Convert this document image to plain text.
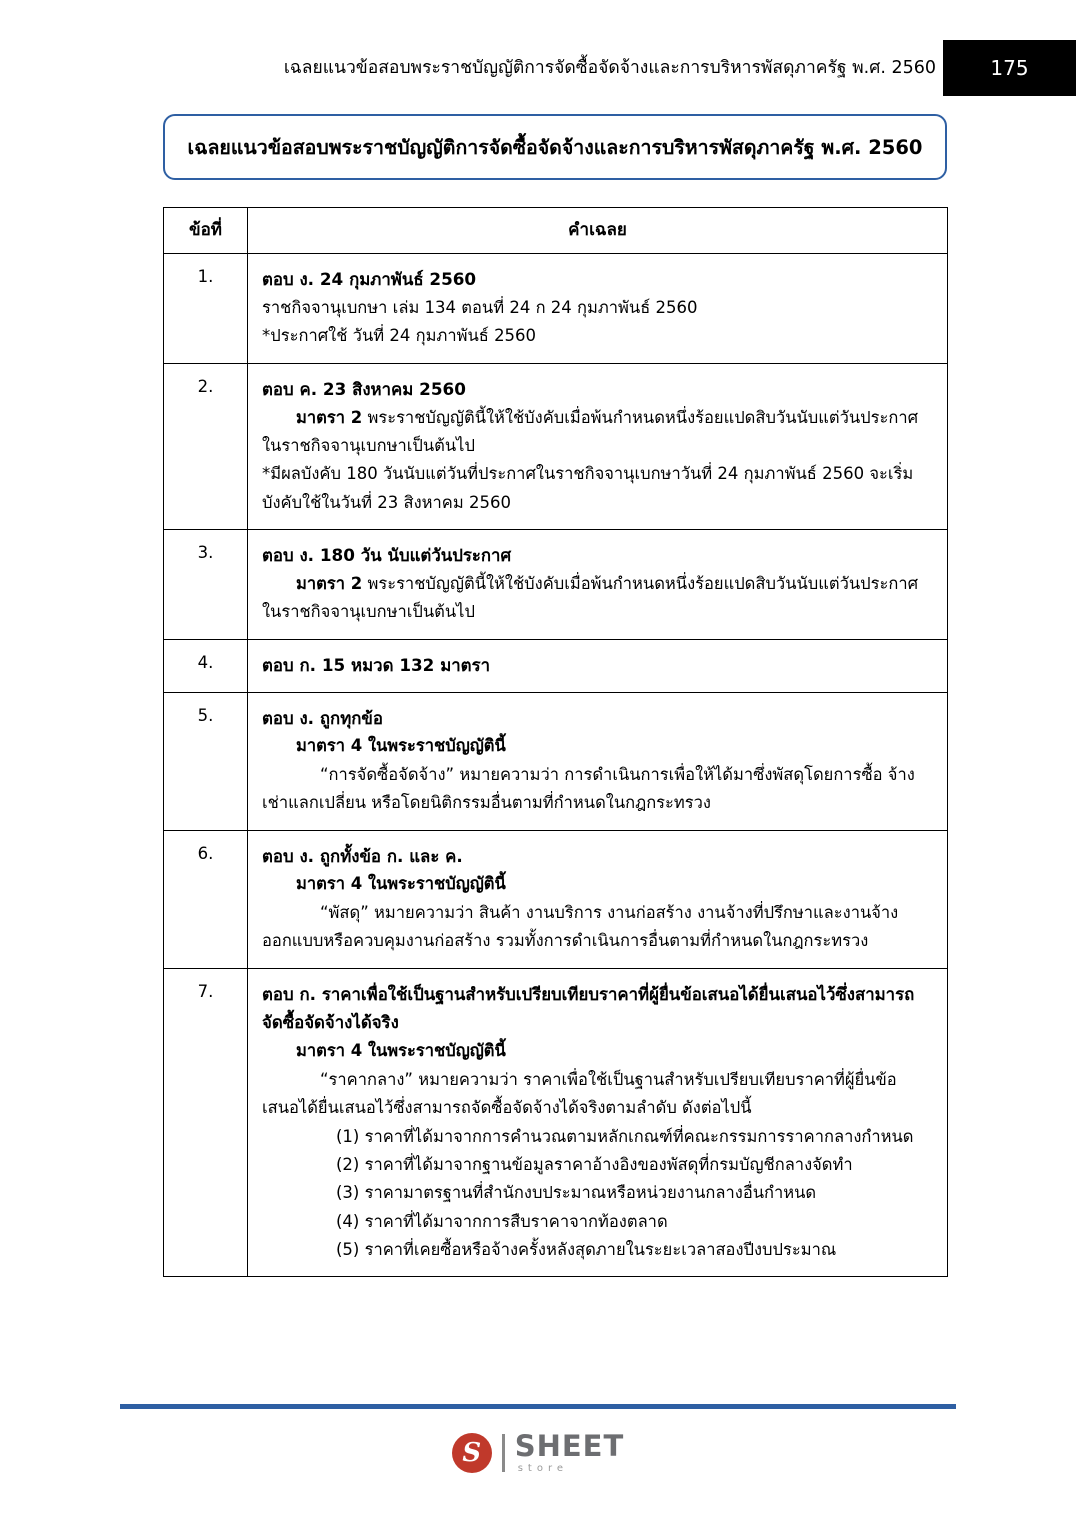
เฉลยแนวข้อสอบพระราชบัญญัติการจัดซื้อจัดจ้างและการบริหารพัสดุภาครัฐ พ.ศ. 2560	175
เฉลยแนวข้อสอบพระราชบัญญัติการจัดซื้อจัดจ้างและการบริหารพัสดุภาครัฐ พ.ศ. 2560
ข้อที่	คำเฉลย
1.	ตอบ ง. 24 กุมภาพันธ์ 2560

ราชกิจจานุเบกษา เล่ม 134 ตอนที่ 24 ก 24 กุมภาพันธ์ 2560

*ประกาศใช้ วันที่ 24 กุมภาพันธ์ 2560

2.	ตอบ ค. 23 สิงหาคม 2560

มาตรา 2 พระราชบัญญัตินี้ให้ใช้บังคับเมื่อพ้นกำหนดหนึ่งร้อยแปดสิบวันนับแต่วันประกาศในราชกิจจานุเบกษาเป็นต้นไป

*มีผลบังคับ 180 วันนับแต่วันที่ประกาศในราชกิจจานุเบกษาวันที่ 24 กุมภาพันธ์ 2560 จะเริ่มบังคับใช้ในวันที่ 23 สิงหาคม 2560

3.	ตอบ ง. 180 วัน นับแต่วันประกาศ

มาตรา 2 พระราชบัญญัตินี้ให้ใช้บังคับเมื่อพ้นกำหนดหนึ่งร้อยแปดสิบวันนับแต่วันประกาศในราชกิจจานุเบกษาเป็นต้นไป

4.	ตอบ ก. 15 หมวด 132 มาตรา

5.	ตอบ ง. ถูกทุกข้อ

มาตรา 4 ในพระราชบัญญัตินี้

“การจัดซื้อจัดจ้าง” หมายความว่า การดำเนินการเพื่อให้ได้มาซึ่งพัสดุโดยการซื้อ จ้าง เช่าแลกเปลี่ยน หรือโดยนิติกรรมอื่นตามที่กำหนดในกฎกระทรวง

6.	ตอบ ง. ถูกทั้งข้อ ก. และ ค.

มาตรา 4 ในพระราชบัญญัตินี้

“พัสดุ” หมายความว่า สินค้า งานบริการ งานก่อสร้าง งานจ้างที่ปรึกษาและงานจ้างออกแบบหรือควบคุมงานก่อสร้าง รวมทั้งการดำเนินการอื่นตามที่กำหนดในกฎกระทรวง

7.	ตอบ ก. ราคาเพื่อใช้เป็นฐานสำหรับเปรียบเทียบราคาที่ผู้ยื่นข้อเสนอได้ยื่นเสนอไว้ซึ่งสามารถจัดซื้อจัดจ้างได้จริง

มาตรา 4 ในพระราชบัญญัตินี้

“ราคากลาง” หมายความว่า ราคาเพื่อใช้เป็นฐานสำหรับเปรียบเทียบราคาที่ผู้ยื่นข้อเสนอได้ยื่นเสนอไว้ซึ่งสามารถจัดซื้อจัดจ้างได้จริงตามลำดับ ดังต่อไปนี้

(1) ราคาที่ได้มาจากการคำนวณตามหลักเกณฑ์ที่คณะกรรมการราคากลางกำหนด

(2) ราคาที่ได้มาจากฐานข้อมูลราคาอ้างอิงของพัสดุที่กรมบัญชีกลางจัดทำ

(3) ราคามาตรฐานที่สำนักงบประมาณหรือหน่วยงานกลางอื่นกำหนด

(4) ราคาที่ได้มาจากการสืบราคาจากท้องตลาด

(5) ราคาที่เคยซื้อหรือจ้างครั้งหลังสุดภายในระยะเวลาสองปีงบประมาณ

S	SHEET
store
